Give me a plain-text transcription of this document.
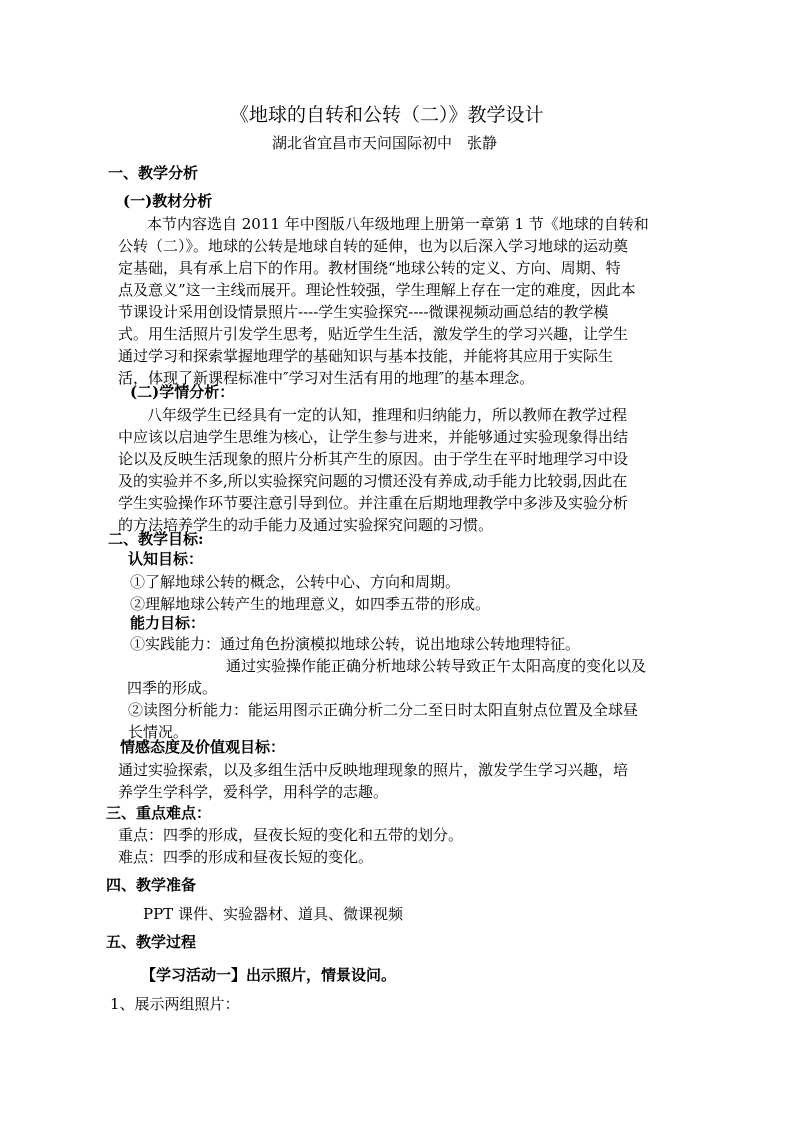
《地球的自转和公转（二）》教学设计
湖北省宜昌市天问国际初中　张静
一、教学分析
(一)教材分析
本节内容选自 2011 年中图版八年级地理上册第一章第 1 节《地球的自转和
公转（二）》。地球的公转是地球自转的延伸，也为以后深入学习地球的运动奠
定基础，具有承上启下的作用。教材围绕“地球公转的定义、方向、周期、特
点及意义”这一主线而展开。理论性较强，学生理解上存在一定的难度，因此本
节课设计采用创设情景照片----学生实验探究----微课视频动画总结的教学模
式。用生活照片引发学生思考，贴近学生生活，激发学生的学习兴趣，让学生
通过学习和探索掌握地理学的基础知识与基本技能，并能将其应用于实际生
活，体现了新课程标准中″学习对生活有用的地理″的基本理念。
(二)学情分析：
八年级学生已经具有一定的认知，推理和归纳能力，所以教师在教学过程
中应该以启迪学生思维为核心，让学生参与进来，并能够通过实验现象得出结
论以及反映生活现象的照片分析其产生的原因。由于学生在平时地理学习中设
及的实验并不多,所以实验探究问题的习惯还没有养成,动手能力比较弱,因此在
学生实验操作环节要注意引导到位。并注重在后期地理教学中多涉及实验分析
的方法培养学生的动手能力及通过实验探究问题的习惯。
二、教学目标:
认知目标：
①了解地球公转的概念，公转中心、方向和周期。
②理解地球公转产生的地理意义，如四季五带的形成。
能力目标：
①实践能力：通过角色扮演模拟地球公转，说出地球公转地理特征。
通过实验操作能正确分析地球公转导致正午太阳高度的变化以及
四季的形成。
②读图分析能力：能运用图示正确分析二分二至日时太阳直射点位置及全球昼
长情况。
情感态度及价值观目标：
通过实验探索，以及多组生活中反映地理现象的照片，激发学生学习兴趣，培
养学生学科学，爱科学，用科学的志趣。
三、重点难点：
重点：四季的形成，昼夜长短的变化和五带的划分。
难点：四季的形成和昼夜长短的变化。
四、教学准备
PPT 课件、实验器材、道具、微课视频
五、教学过程
【学习活动一】出示照片，情景设问。
1、展示两组照片：
